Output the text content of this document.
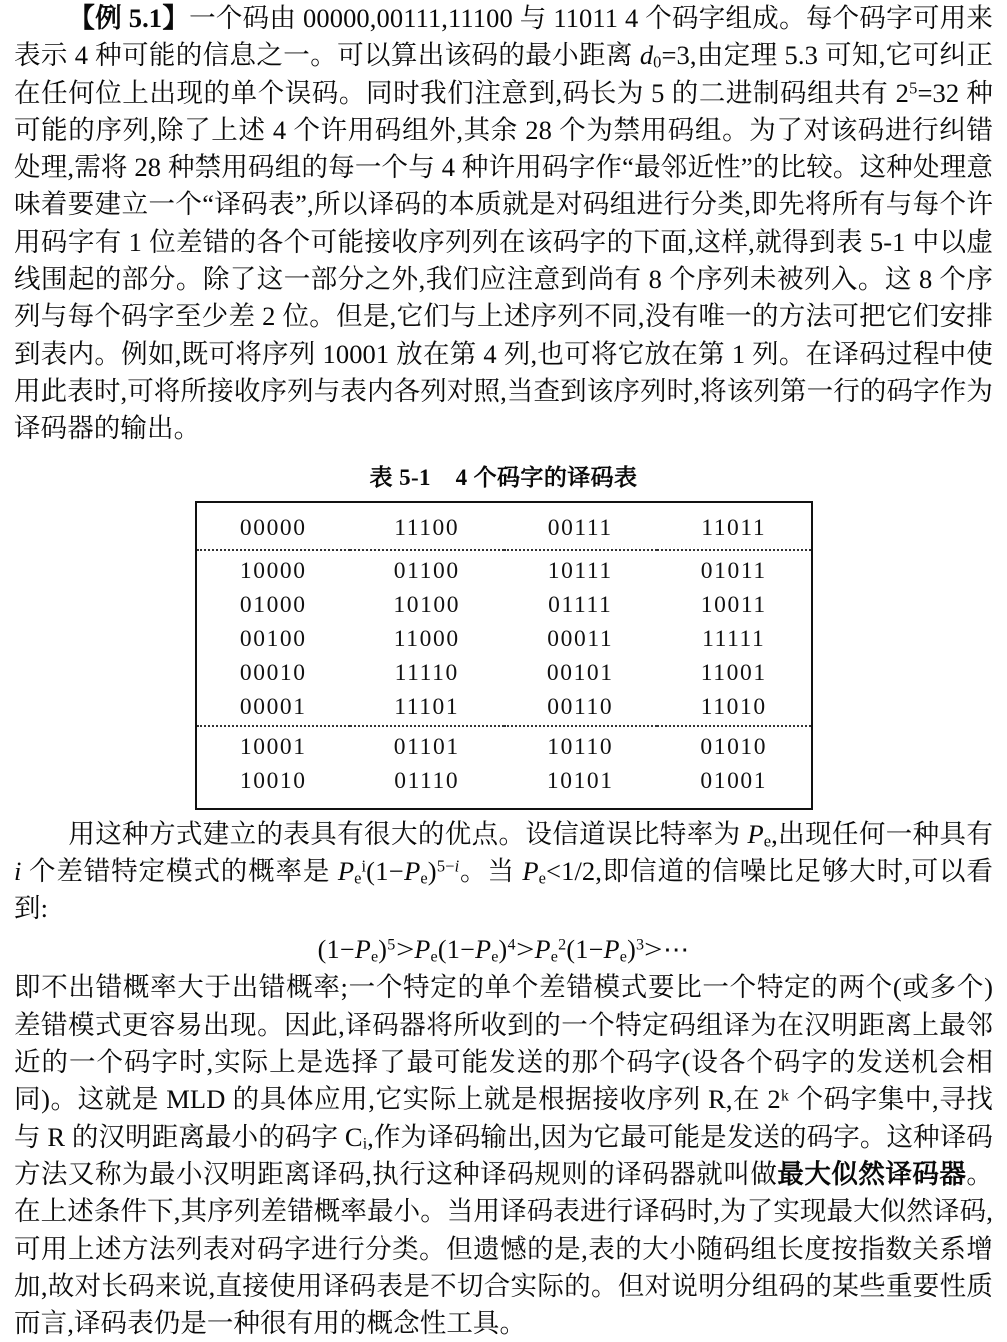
【例 5.1】一个码由 00000,00111,11100 与 11011 4 个码字组成。每个码字可用来表示 4 种可能的信息之一。可以算出该码的最小距离 $d_0=3$,由定理 5.3 可知,它可纠正在任何位上出现的单个误码。同时我们注意到,码长为 5 的二进制码组共有 $2^5=32$ 种可能的序列,除了上述 4 个许用码组外,其余 28 个为禁用码组。为了对该码进行纠错处理,需将 28 种禁用码组的每一个与 4 种许用码字作“最邻近性”的比较。这种处理意味着要建立一个“译码表”,所以译码的本质就是对码组进行分类,即先将所有与每个许用码字有 1 位差错的各个可能接收序列列在该码字的下面,这样,就得到表 5-1 中以虚线围起的部分。除了这一部分之外,我们应注意到尚有 8 个序列未被列入。这 8 个序列与每个码字至少差 2 位。但是,它们与上述序列不同,没有唯一的方法可把它们安排到表内。例如,既可将序列 10001 放在第 4 列,也可将它放在第 1 列。在译码过程中使用此表时,可将所接收序列与表内各列对照,当查到该序列时,将该列第一行的码字作为译码器的输出。

表 5-1 4 个码字的译码表
00000	11100	00111	11011
10000	01100	10111	01011
01000	10100	01111	10011
00100	11000	00011	11111
00010	11110	00101	11001
00001	11101	00110	11010
10001	01101	10110	01010
10010	01110	10101	01001

用这种方式建立的表具有很大的优点。设信道误比特率为 $P_e$,出现任何一种具有 i 个差错特定模式的概率是 $P_e^i(1-P_e)^{5-i}$。当 $P_e<1/2$,即信道的信噪比足够大时,可以看到:

$(1-P_e)^5>P_e(1-P_e)^4>P_e^2(1-P_e)^3>\cdots$

即不出错概率大于出错概率;一个特定的单个差错模式要比一个特定的两个(或多个)差错模式更容易出现。因此,译码器将所收到的一个特定码组译为在汉明距离上最邻近的一个码字时,实际上是选择了最可能发送的那个码字(设各个码字的发送机会相同)。这就是 MLD 的具体应用,它实际上就是根据接收序列 R,在 2ᵏ 个码字集中,寻找与 R 的汉明距离最小的码字 Cᵢ,作为译码输出,因为它最可能是发送的码字。这种译码方法又称为最小汉明距离译码,执行这种译码规则的译码器就叫做最大似然译码器。在上述条件下,其序列差错概率最小。当用译码表进行译码时,为了实现最大似然译码,可用上述方法列表对码字进行分类。但遗憾的是,表的大小随码组长度按指数关系增加,故对长码来说,直接使用译码表是不切合实际的。但对说明分组码的某些重要性质而言,译码表仍是一种很有用的概念性工具。
